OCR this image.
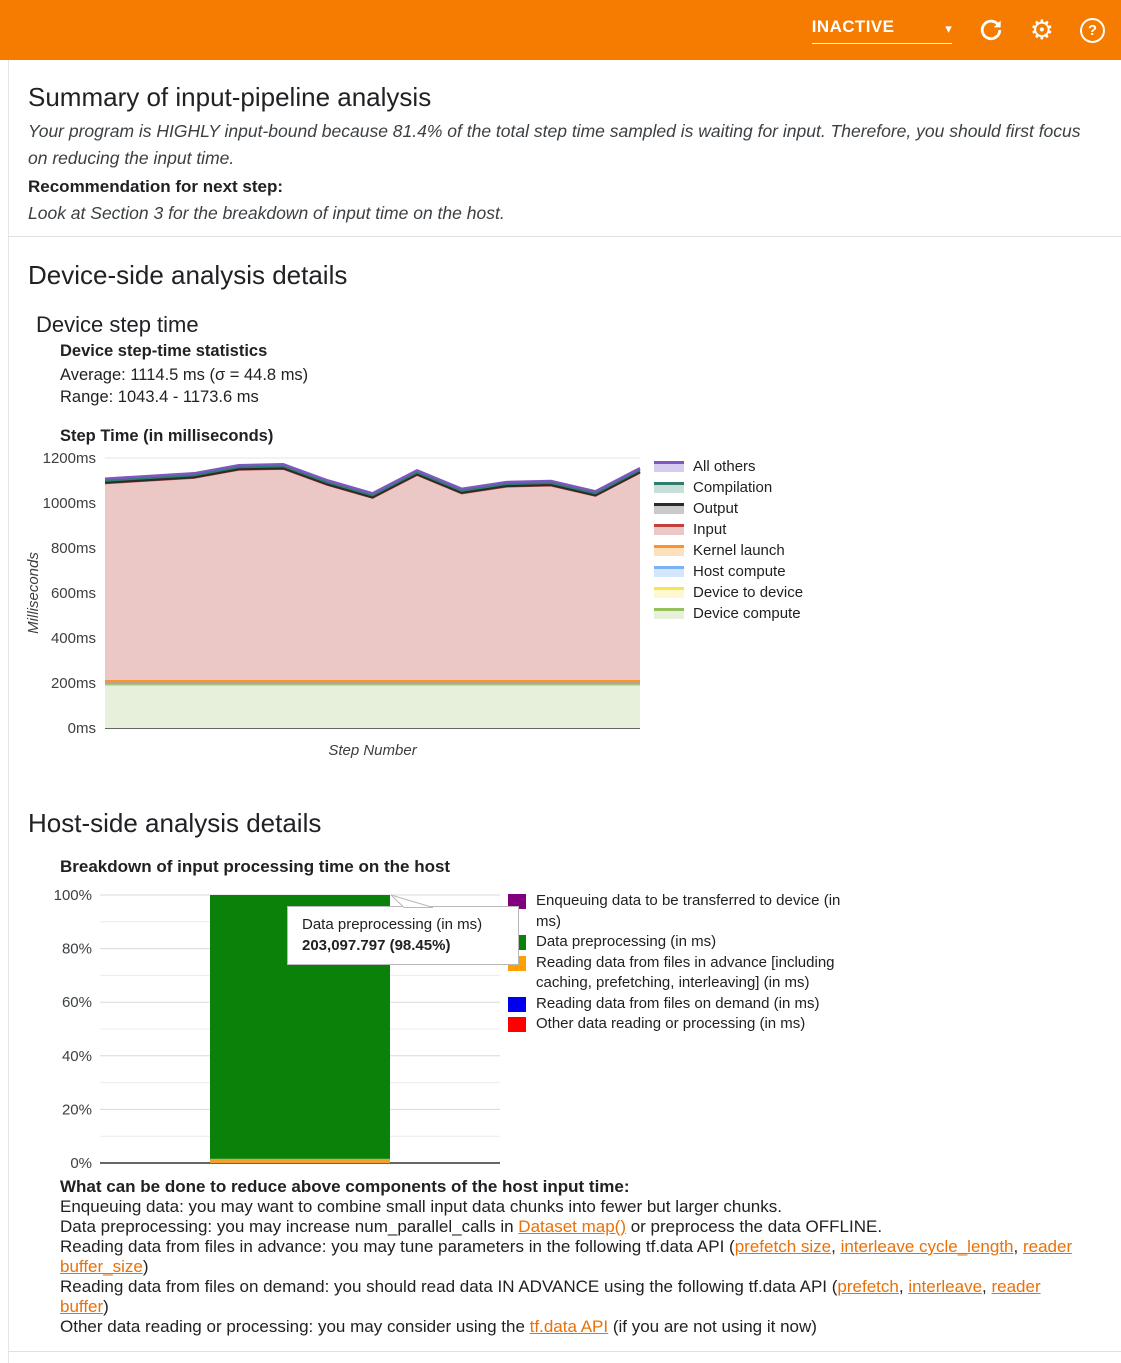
INACTIVE	▾	⚙	?
Summary of input-pipeline analysis
Your program is HIGHLY input-bound because 81.4% of the total step time sampled is waiting for input. Therefore, you should first focus on reducing the input time.
Recommendation for next step:
Look at Section 3 for the breakdown of input time on the host.
Device-side analysis details
Device step time
Device step-time statistics
Average: 1114.5 ms (σ = 44.8 ms)
Range: 1043.4 - 1173.6 ms
Step Time (in milliseconds)
0ms
200ms
400ms
600ms
800ms
1000ms
1200ms
Step Number
Milliseconds
All others
Compilation
Output
Input
Kernel launch
Host compute
Device to device
Device compute
Host-side analysis details
Breakdown of input processing time on the host
0%
20%
40%
60%
80%
100%	Enqueuing data to be transferred to device (in ms)
Data preprocessing (in ms)
Reading data from files in advance [including caching, prefetching, interleaving] (in ms)
Reading data from files on demand (in ms)
Other data reading or processing (in ms)
Data preprocessing (in ms)
203,097.797 (98.45%)
What can be done to reduce above components of the host input time:
Enqueuing data: you may want to combine small input data chunks into fewer but larger chunks.
Data preprocessing: you may increase num_parallel_calls in Dataset map() or preprocess the data OFFLINE.
Reading data from files in advance: you may tune parameters in the following tf.data API (prefetch size, interleave cycle_length, reader buffer_size)
Reading data from files on demand: you should read data IN ADVANCE using the following tf.data API (prefetch, interleave, reader buffer)
Other data reading or processing: you may consider using the tf.data API (if you are not using it now)
